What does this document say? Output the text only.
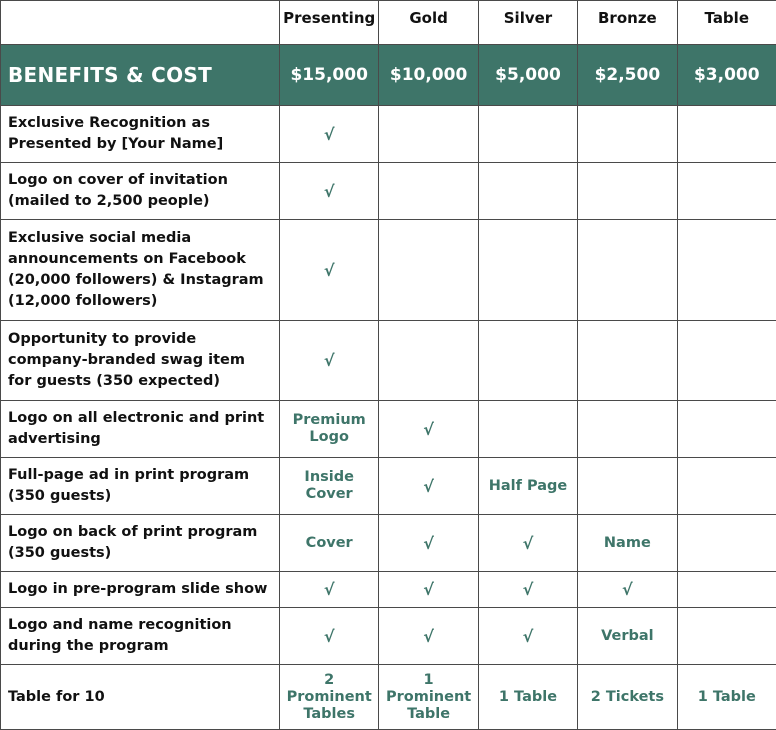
	Presenting	Gold	Silver	Bronze	Table
BENEFITS & COST	$15,000	$10,000	$5,000	$2,500	$3,000
Exclusive Recognition as Presented by [Your Name]	√				
Logo on cover of invitation (mailed to 2,500 people)	√				
Exclusive social media announcements on Facebook (20,000 followers) & Instagram (12,000 followers)	√				
Opportunity to provide company-branded swag item for guests (350 expected)	√				
Logo on all electronic and print advertising	Premium Logo	√			
Full-page ad in print program (350 guests)	Inside Cover	√	Half Page		
Logo on back of print program (350 guests)	Cover	√	√	Name	
Logo in pre-program slide show	√	√	√	√	
Logo and name recognition during the program	√	√	√	Verbal	
Table for 10	2 Prominent Tables	1 Prominent Table	1 Table	2 Tickets	1 Table
